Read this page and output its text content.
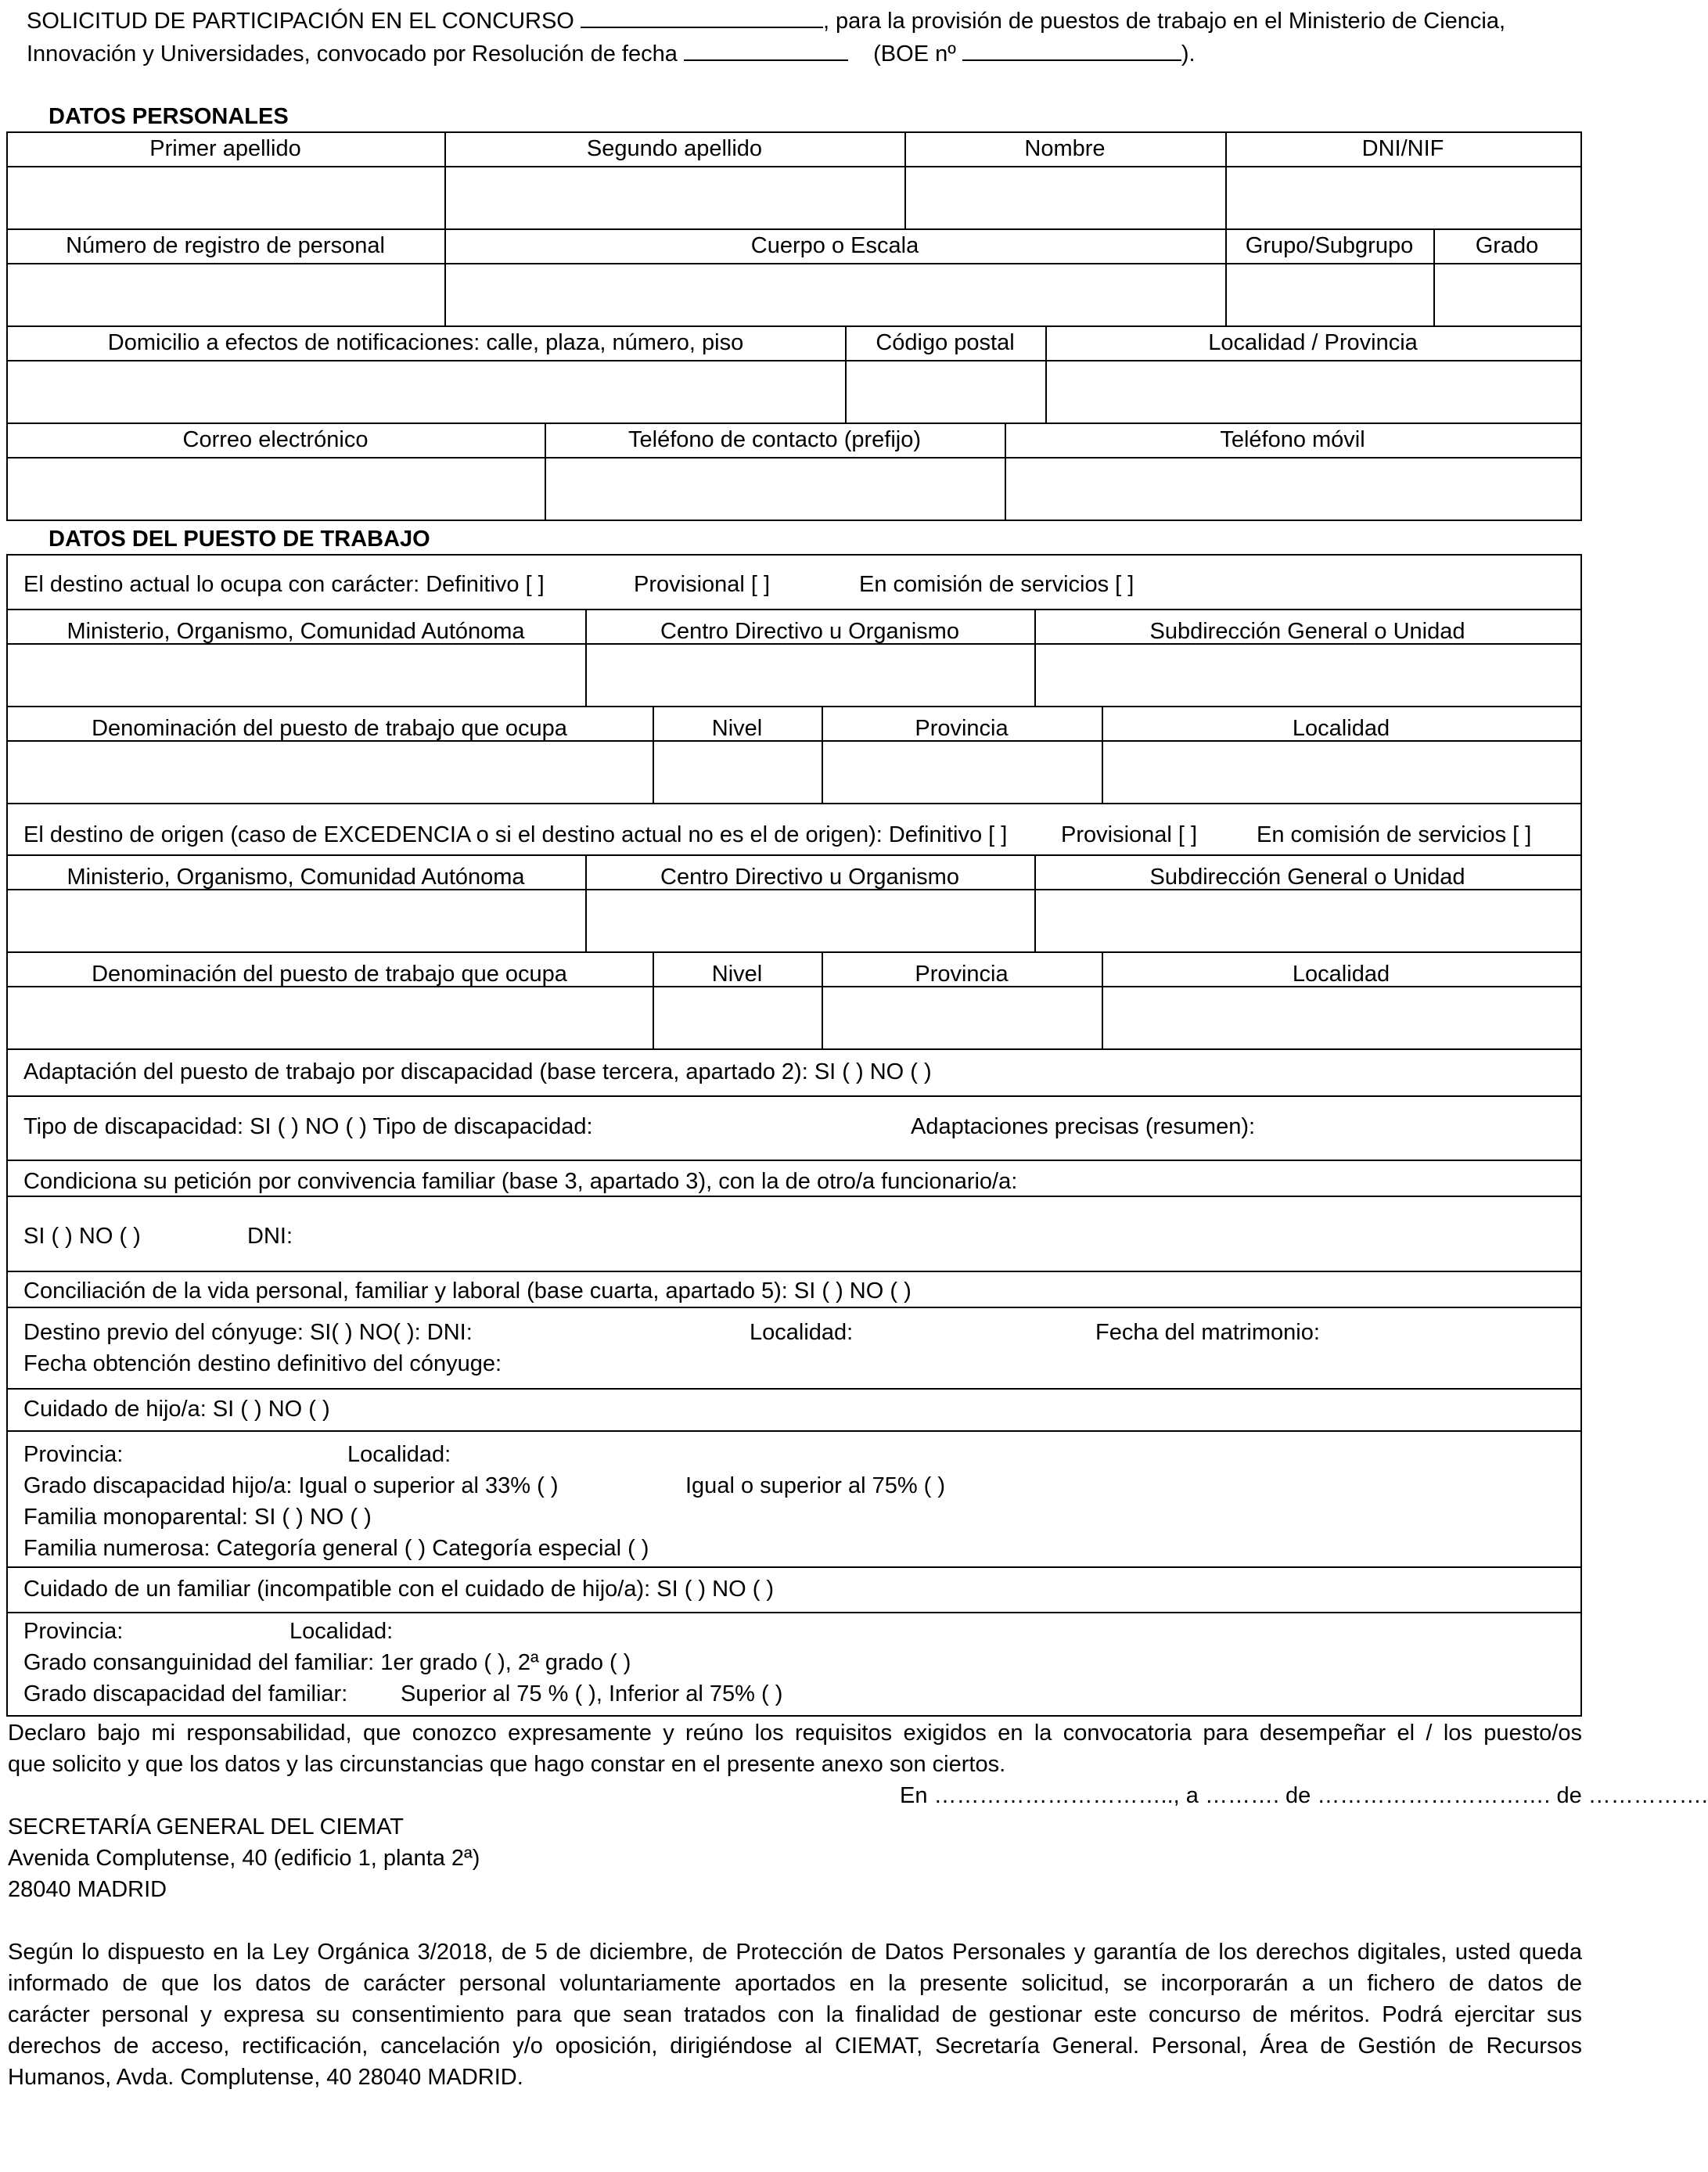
SOLICITUD DE PARTICIPACIÓN EN EL CONCURSO	, para la provisión de puestos de trabajo en el Ministerio de Ciencia,
Innovación y Universidades, convocado por Resolución de fecha	(BOE nº	).
DATOS PERSONALES
Primer apellido	Segundo apellido	Nombre	DNI/NIF
Número de registro de personal	Cuerpo o Escala	Grupo/Subgrupo	Grado
Domicilio a efectos de notificaciones: calle, plaza, número, piso	Código postal	Localidad / Provincia
Correo electrónico	Teléfono de contacto (prefijo)	Teléfono móvil
DATOS DEL PUESTO DE TRABAJO
El destino actual lo ocupa con carácter: Definitivo [ ]	Provisional [ ]	En comisión de servicios [ ]
Ministerio, Organismo, Comunidad Autónoma	Centro Directivo u Organismo	Subdirección General o Unidad
Denominación del puesto de trabajo que ocupa	Nivel	Provincia	Localidad
El destino de origen (caso de EXCEDENCIA o si el destino actual no es el de origen): Definitivo [ ] Provisional [ ]	En comisión de servicios [ ]
Ministerio, Organismo, Comunidad Autónoma	Centro Directivo u Organismo	Subdirección General o Unidad
Denominación del puesto de trabajo que ocupa	Nivel	Provincia	Localidad
Adaptación del puesto de trabajo por discapacidad (base tercera, apartado 2): SI ( ) NO ( )
Tipo de discapacidad: SI ( ) NO ( ) Tipo de discapacidad:	Adaptaciones precisas (resumen):
Condiciona su petición por convivencia familiar (base 3, apartado 3), con la de otro/a funcionario/a:
SI ( ) NO ( )	DNI:
Conciliación de la vida personal, familiar y laboral (base cuarta, apartado 5): SI ( ) NO ( )
Destino previo del cónyuge: SI( ) NO( ): DNI:	Localidad:	Fecha del matrimonio:
Fecha obtención destino definitivo del cónyuge:
Cuidado de hijo/a: SI ( ) NO ( )
Provincia:	Localidad:
Grado discapacidad hijo/a: Igual o superior al 33% ( )	Igual o superior al 75% ( )
Familia monoparental: SI ( ) NO ( )
Familia numerosa: Categoría general ( ) Categoría especial ( )
Cuidado de un familiar (incompatible con el cuidado de hijo/a): SI ( ) NO ( )
Provincia:	Localidad:
Grado consanguinidad del familiar: 1er grado ( ), 2ª grado ( )
Grado discapacidad del familiar: Superior al 75 % ( ), Inferior al 75% ( )
Declaro bajo mi responsabilidad, que conozco expresamente y reúno los requisitos exigidos en la convocatoria para desempeñar el / los puesto/os
que solicito y que los datos y las circunstancias que hago constar en el presente anexo son ciertos.
En ………………………….., a ………. de …………………………. de …………….
SECRETARÍA GENERAL DEL CIEMAT
Avenida Complutense, 40 (edificio 1, planta 2ª)
28040 MADRID
Según lo dispuesto en la Ley Orgánica 3/2018, de 5 de diciembre, de Protección de Datos Personales y garantía de los derechos digitales, usted queda
informado de que los datos de carácter personal voluntariamente aportados en la presente solicitud, se incorporarán a un fichero de datos de
carácter personal y expresa su consentimiento para que sean tratados con la finalidad de gestionar este concurso de méritos. Podrá ejercitar sus
derechos de acceso, rectificación, cancelación y/o oposición, dirigiéndose al CIEMAT, Secretaría General. Personal, Área de Gestión de Recursos
Humanos, Avda. Complutense, 40 28040 MADRID.
